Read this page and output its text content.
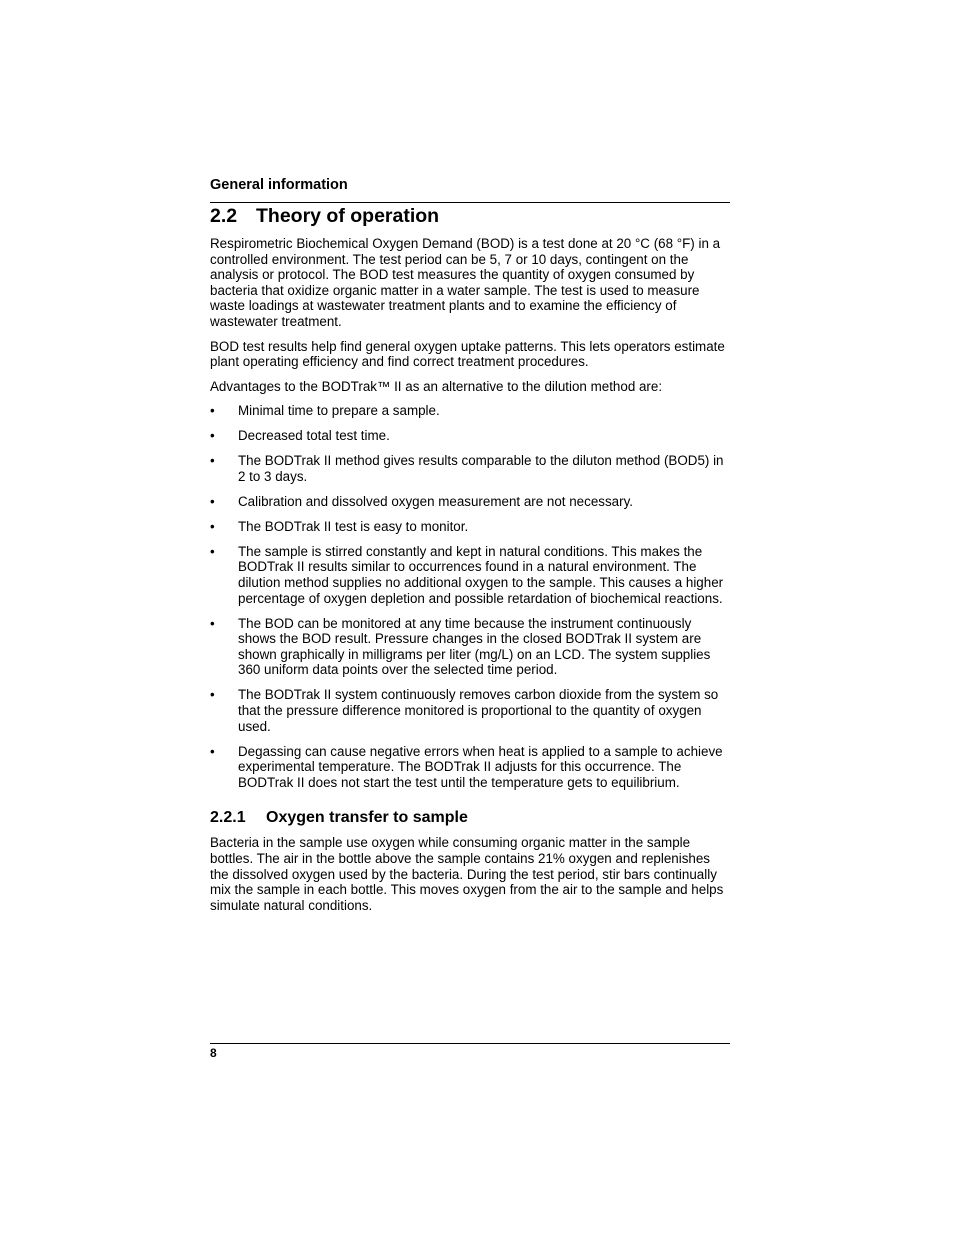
General information
2.2 Theory of operation

Respirometric Biochemical Oxygen Demand (BOD) is a test done at 20 °C (68 °F) in a controlled environment. The test period can be 5, 7 or 10 days, contingent on the analysis or protocol. The BOD test measures the quantity of oxygen consumed by bacteria that oxidize organic matter in a water sample. The test is used to measure waste loadings at wastewater treatment plants and to examine the efficiency of wastewater treatment.

BOD test results help find general oxygen uptake patterns. This lets operators estimate plant operating efficiency and find correct treatment procedures.

Advantages to the BODTrak™ II as an alternative to the dilution method are:

• Minimal time to prepare a sample.
• Decreased total test time.
• The BODTrak II method gives results comparable to the diluton method (BOD5) in 2 to 3 days.
• Calibration and dissolved oxygen measurement are not necessary.
• The BODTrak II test is easy to monitor.
• The sample is stirred constantly and kept in natural conditions. This makes the BODTrak II results similar to occurrences found in a natural environment. The dilution method supplies no additional oxygen to the sample. This causes a higher percentage of oxygen depletion and possible retardation of biochemical reactions.
• The BOD can be monitored at any time because the instrument continuously shows the BOD result. Pressure changes in the closed BODTrak II system are shown graphically in milligrams per liter (mg/L) on an LCD. The system supplies 360 uniform data points over the selected time period.
• The BODTrak II system continuously removes carbon dioxide from the system so that the pressure difference monitored is proportional to the quantity of oxygen used.
• Degassing can cause negative errors when heat is applied to a sample to achieve experimental temperature. The BODTrak II adjusts for this occurrence. The BODTrak II does not start the test until the temperature gets to equilibrium.
2.2.1 Oxygen transfer to sample

Bacteria in the sample use oxygen while consuming organic matter in the sample bottles. The air in the bottle above the sample contains 21% oxygen and replenishes the dissolved oxygen used by the bacteria. During the test period, stir bars continually mix the sample in each bottle. This moves oxygen from the air to the sample and helps simulate natural conditions.

8
